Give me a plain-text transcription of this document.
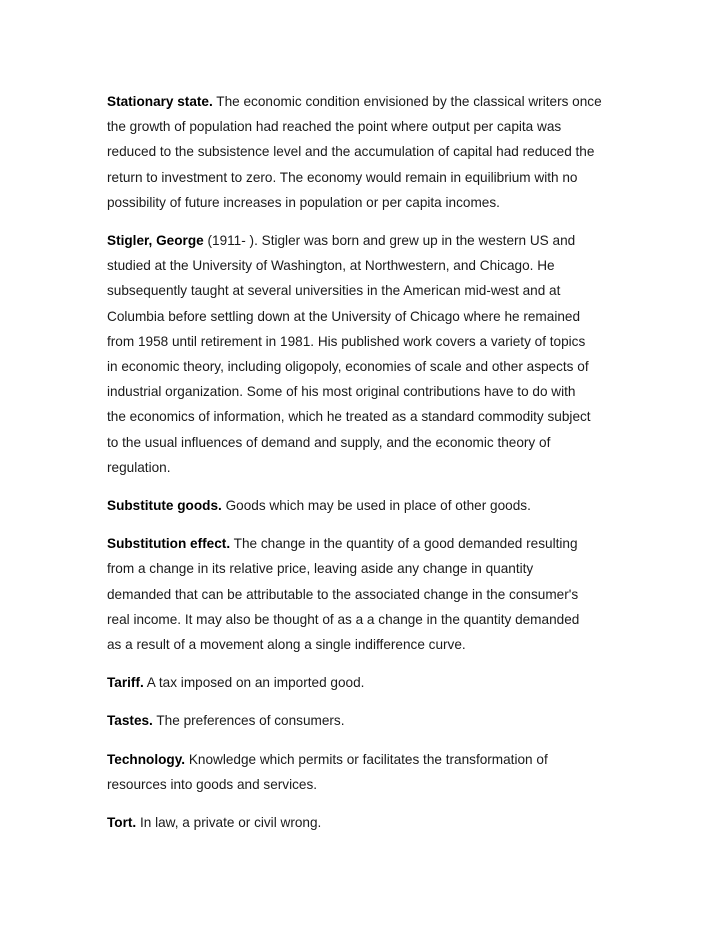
Stationary state. The economic condition envisioned by the classical writers once
the growth of population had reached the point where output per capita was
reduced to the subsistence level and the accumulation of capital had reduced the
return to investment to zero. The economy would remain in equilibrium with no
possibility of future increases in population or per capita incomes.

Stigler, George (1911- ). Stigler was born and grew up in the western US and
studied at the University of Washington, at Northwestern, and Chicago. He
subsequently taught at several universities in the American mid-west and at
Columbia before settling down at the University of Chicago where he remained
from 1958 until retirement in 1981. His published work covers a variety of topics
in economic theory, including oligopoly, economies of scale and other aspects of
industrial organization. Some of his most original contributions have to do with
the economics of information, which he treated as a standard commodity subject
to the usual influences of demand and supply, and the economic theory of
regulation.

Substitute goods. Goods which may be used in place of other goods.

Substitution effect. The change in the quantity of a good demanded resulting
from a change in its relative price, leaving aside any change in quantity
demanded that can be attributable to the associated change in the consumer's
real income. It may also be thought of as a a change in the quantity demanded
as a result of a movement along a single indifference curve.

Tariff. A tax imposed on an imported good.

Tastes. The preferences of consumers.

Technology. Knowledge which permits or facilitates the transformation of
resources into goods and services.

Tort. In law, a private or civil wrong.
